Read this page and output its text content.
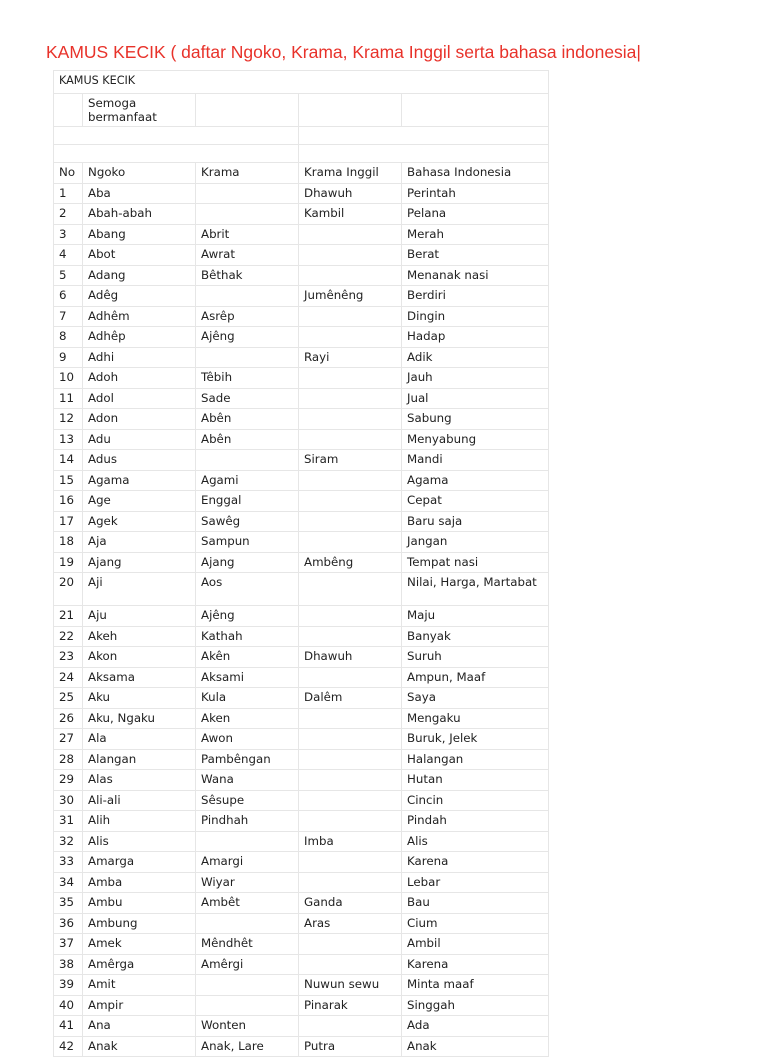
KAMUS KECIK ( daftar Ngoko, Krama, Krama Inggil serta bahasa indonesia|
KAMUS KECIK				
	Semoga bermanfaat			

No	Ngoko	Krama	Krama Inggil	Bahasa Indonesia
1	Aba		Dhawuh	Perintah
2	Abah-abah		Kambil	Pelana
3	Abang	Abrit		Merah
4	Abot	Awrat		Berat
5	Adang	Bêthak		Menanak nasi
6	Adêg		Jumênêng	Berdiri
7	Adhêm	Asrêp		Dingin
8	Adhêp	Ajêng		Hadap
9	Adhi		Rayi	Adik
10	Adoh	Têbih		Jauh
11	Adol	Sade		Jual
12	Adon	Abên		Sabung
13	Adu	Abên		Menyabung
14	Adus		Siram	Mandi
15	Agama	Agami		Agama
16	Age	Enggal		Cepat
17	Agek	Sawêg		Baru saja
18	Aja	Sampun		Jangan
19	Ajang	Ajang	Ambêng	Tempat nasi
20	Aji	Aos		Nilai, Harga, Martabat
21	Aju	Ajêng		Maju
22	Akeh	Kathah		Banyak
23	Akon	Akên	Dhawuh	Suruh
24	Aksama	Aksami		Ampun, Maaf
25	Aku	Kula	Dalêm	Saya
26	Aku, Ngaku	Aken		Mengaku
27	Ala	Awon		Buruk, Jelek
28	Alangan	Pambêngan		Halangan
29	Alas	Wana		Hutan
30	Ali-ali	Sêsupe		Cincin
31	Alih	Pindhah		Pindah
32	Alis		Imba	Alis
33	Amarga	Amargi		Karena
34	Amba	Wiyar		Lebar
35	Ambu	Ambêt	Ganda	Bau
36	Ambung		Aras	Cium
37	Amek	Mêndhêt		Ambil
38	Amêrga	Amêrgi		Karena
39	Amit		Nuwun sewu	Minta maaf
40	Ampir		Pinarak	Singgah
41	Ana	Wonten		Ada
42	Anak	Anak, Lare	Putra	Anak
